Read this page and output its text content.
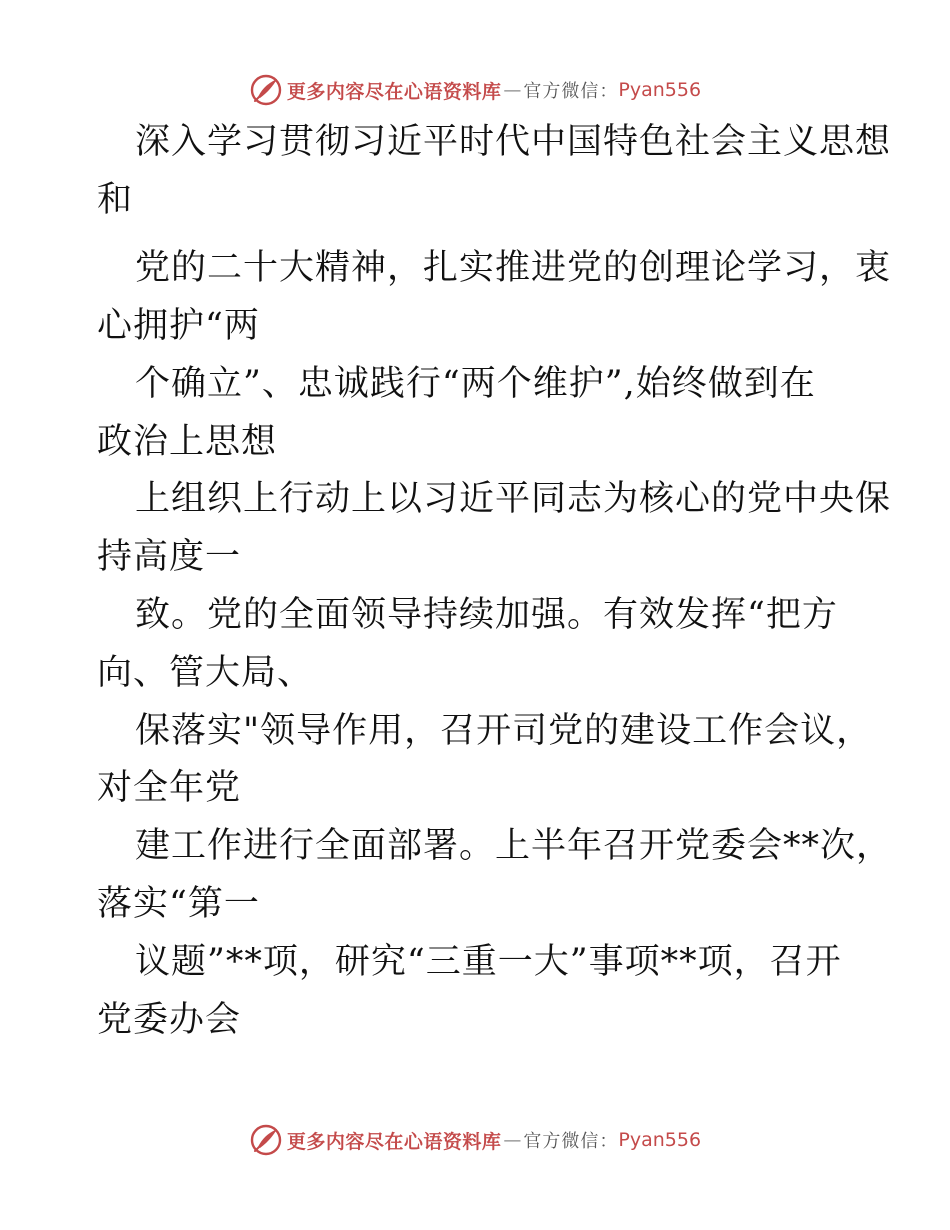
更多内容尽在心语资料库 — 官方微信： Pyan556
深入学习贯彻习近平时代中国特色社会主义思想
和
党的二十大精神，扎实推进党的创理论学习，衷
心拥护“两
个确立”、忠诚践行“两个维护”,始终做到在
政治上思想
上组织上行动上以习近平同志为核心的党中央保
持高度一
致。党的全面领导持续加强。有效发挥“把方
向、管大局、
保落实"领导作用，召开司党的建设工作会议，
对全年党
建工作进行全面部署。上半年召开党委会**次，
落实“第一
议题”**项，研究“三重一大”事项**项，召开
党委办会
更多内容尽在心语资料库 — 官方微信： Pyan556
